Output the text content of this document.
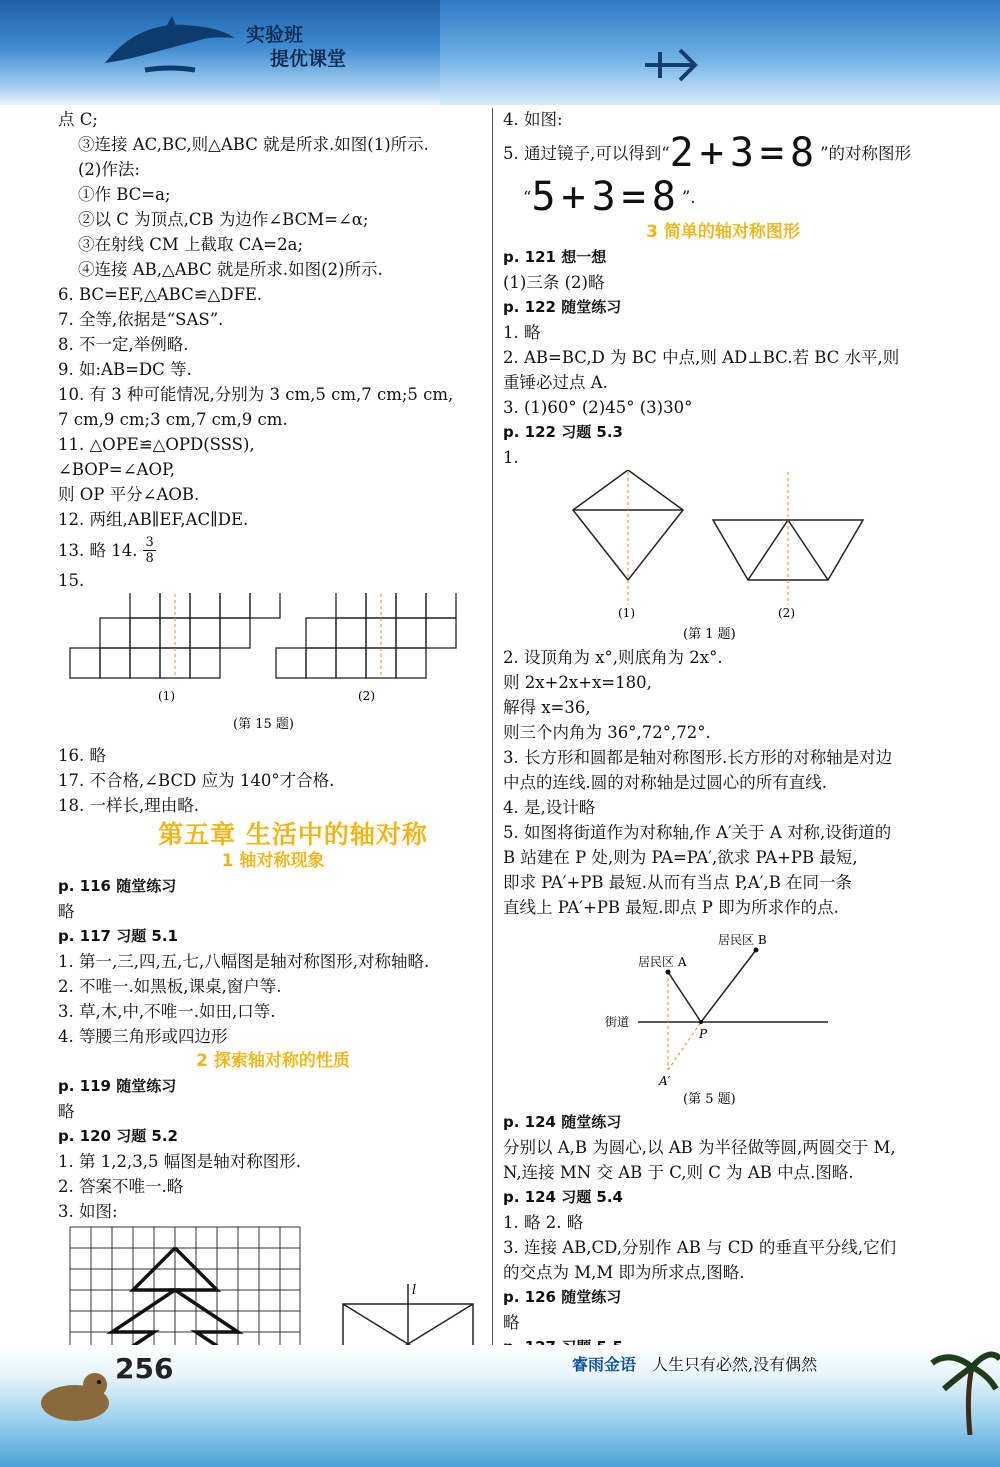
实验班
提优课堂
点 C;
③连接 AC,BC,则△ABC 就是所求.如图(1)所示.
(2)作法:
①作 BC=a;
②以 C 为顶点,CB 为边作∠BCM=∠α;
③在射线 CM 上截取 CA=2a;
④连接 AB,△ABC 就是所求.如图(2)所示.
6. BC=EF,△ABC≌△DFE.
7. 全等,依据是“SAS”.
8. 不一定,举例略.
9. 如:AB=DC 等.
10. 有 3 种可能情况,分别为 3 cm,5 cm,7 cm;5 cm,
7 cm,9 cm;3 cm,7 cm,9 cm.
11. △OPE≌△OPD(SSS),
∠BOP=∠AOP,
则 OP 平分∠AOB.
12. 两组,AB∥EF,AC∥DE.
13. 略 14. $\frac{3}{8}$
15.
(1)	(2)
(第 15 题)
16. 略
17. 不合格,∠BCD 应为 140°才合格.
18. 一样长,理由略.
第五章 生活中的轴对称
1 轴对称现象
p. 116 随堂练习
略
p. 117 习题 5.1
1. 第一,三,四,五,七,八幅图是轴对称图形,对称轴略.
2. 不唯一.如黑板,课桌,窗户等.
3. 草,木,中,不唯一.如田,口等.
4. 等腰三角形或四边形
2 探索轴对称的性质
p. 119 随堂练习
略
p. 120 习题 5.2
1. 第 1,2,3,5 幅图是轴对称图形.
2. 答案不唯一.略
3. 如图:
l
4. 如图:
5. 通过镜子,可以得到“ 2+3=8 ”的对称图形
“ 5+3=8 ”.
3 简单的轴对称图形
p. 121 想一想
(1)三条 (2)略
p. 122 随堂练习
1. 略
2. AB=BC,D 为 BC 中点,则 AD⊥BC.若 BC 水平,则
重锤必过点 A.
3. (1)60° (2)45° (3)30°
p. 122 习题 5.3
1.
(1)	(2)
(第 1 题)
2. 设顶角为 x°,则底角为 2x°.
则 2x+2x+x=180,
解得 x=36,
则三个内角为 36°,72°,72°.
3. 长方形和圆都是轴对称图形.长方形的对称轴是对边
中点的连线.圆的对称轴是过圆心的所有直线.
4. 是,设计略
5. 如图将街道作为对称轴,作 A′关于 A 对称,设街道的
B 站建在 P 处,则为 PA=PA′,欲求 PA+PB 最短,
即求 PA′+PB 最短.从而有当点 P,A′,B 在同一条
直线上 PA′+PB 最短.即点 P 即为所求作的点.
居民区 B
居民区 A
街道
P
A′
(第 5 题)
p. 124 随堂练习
分别以 A,B 为圆心,以 AB 为半径做等圆,两圆交于 M,
N,连接 MN 交 AB 于 C,则 C 为 AB 中点.图略.
p. 124 习题 5.4
1. 略 2. 略
3. 连接 AB,CD,分别作 AB 与 CD 的垂直平分线,它们
的交点为 M,M 即为所求点,图略.
p. 126 随堂练习
略
256	睿雨金语 人生只有必然,没有偶然
